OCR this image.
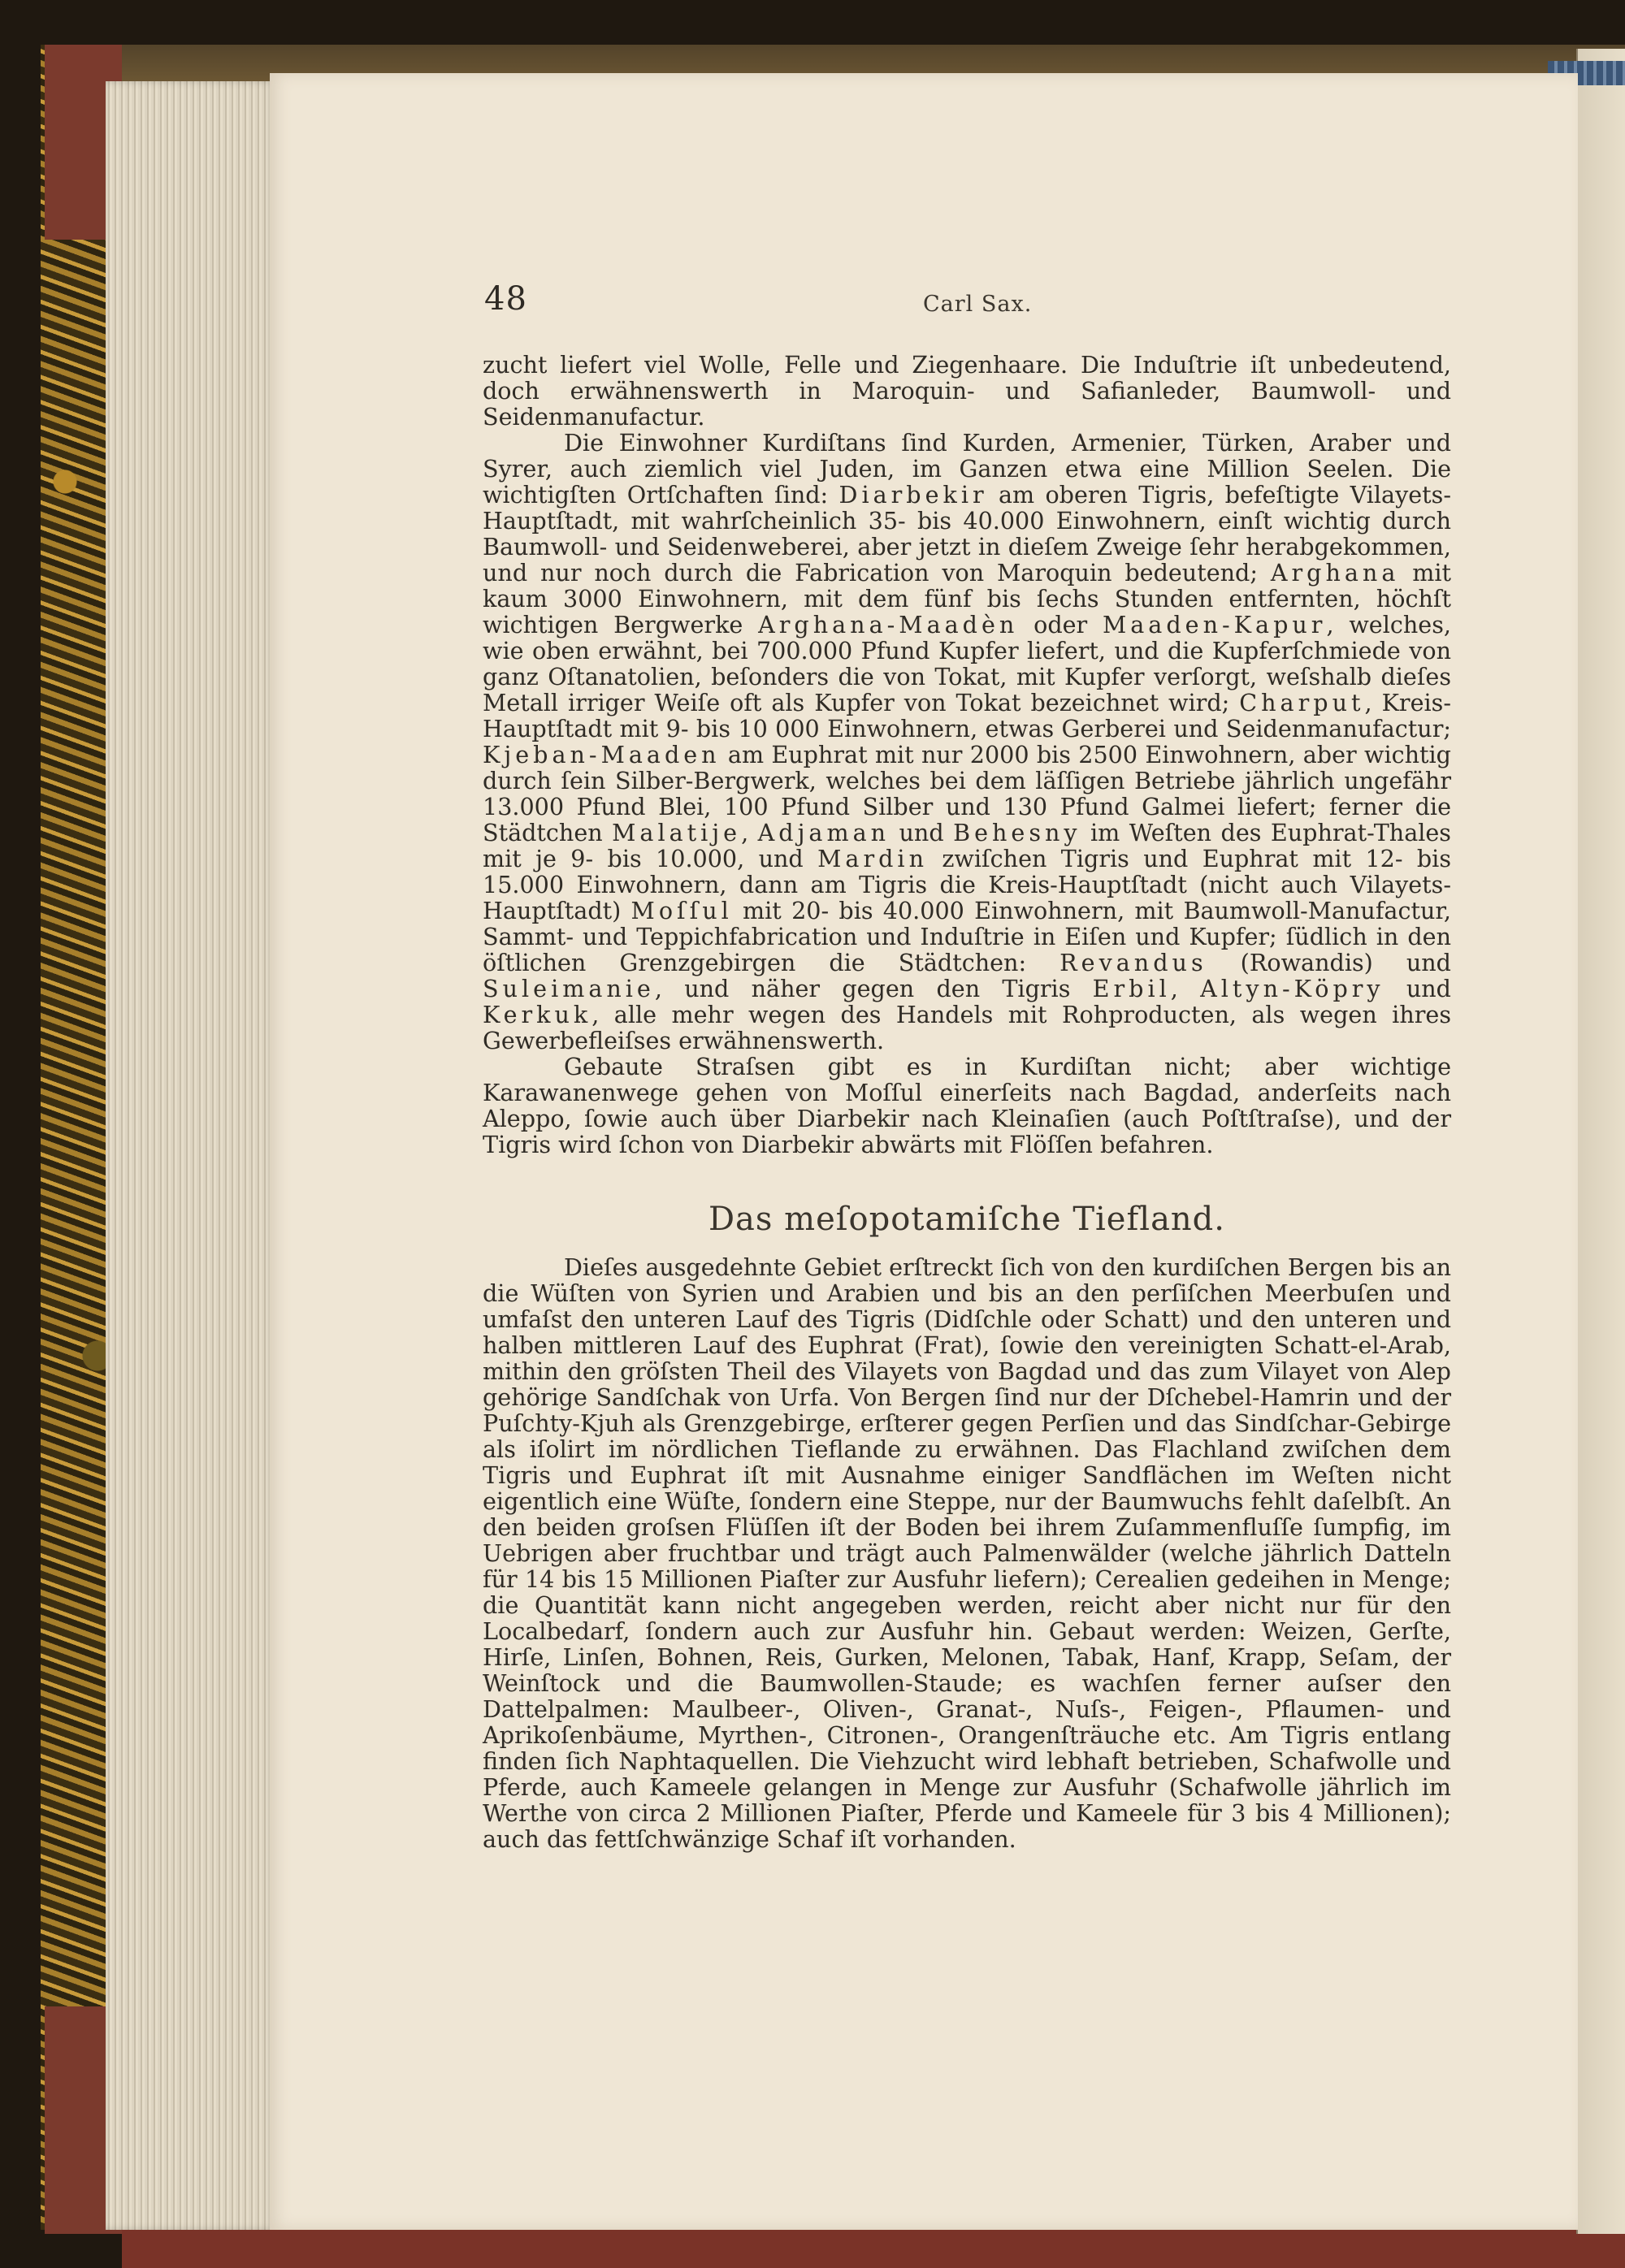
48	Carl Sax.

zucht liefert viel Wolle, Felle und Ziegenhaare. Die Induſtrie iſt unbedeutend, doch erwähnenswerth in Maroquin- und Safianleder, Baumwoll- und Seidenmanufactur.

Die Einwohner Kurdiſtans ſind Kurden, Armenier, Türken, Araber und Syrer, auch ziemlich viel Juden, im Ganzen etwa eine Million Seelen. Die wichtigſten Ortſchaften ſind: Diarbekir am oberen Tigris, befeſtigte Vilayets-Hauptſtadt, mit wahrſcheinlich 35- bis 40.000 Einwohnern, einſt wichtig durch Baumwoll- und Seidenweberei, aber jetzt in dieſem Zweige ſehr herabgekommen, und nur noch durch die Fabrication von Maroquin bedeutend; Arghana mit kaum 3000 Einwohnern, mit dem fünf bis ſechs Stunden entfernten, höchſt wichtigen Bergwerke Arghana-Maadèn oder Maaden-Kapur, welches, wie oben erwähnt, bei 700.000 Pfund Kupfer liefert, und die Kupferſchmiede von ganz Oſtanatolien, beſonders die von Tokat, mit Kupfer verſorgt, weſshalb dieſes Metall irriger Weiſe oft als Kupfer von Tokat bezeichnet wird; Charput, Kreis-Hauptſtadt mit 9- bis 10 000 Einwohnern, etwas Gerberei und Seidenmanufactur; Kjeban-Maaden am Euphrat mit nur 2000 bis 2500 Einwohnern, aber wichtig durch ſein Silber-Bergwerk, welches bei dem läſſigen Betriebe jährlich ungefähr 13.000 Pfund Blei, 100 Pfund Silber und 130 Pfund Galmei liefert; ferner die Städtchen Malatije, Adjaman und Behesny im Weſten des Euphrat-Thales mit je 9- bis 10.000, und Mardin zwiſchen Tigris und Euphrat mit 12- bis 15.000 Einwohnern, dann am Tigris die Kreis-Hauptſtadt (nicht auch Vilayets-Hauptſtadt) Moſſul mit 20- bis 40.000 Einwohnern, mit Baumwoll-Manufactur, Sammt- und Teppichfabrication und Induſtrie in Eiſen und Kupfer; ſüdlich in den öſtlichen Grenzgebirgen die Städtchen: Revandus (Rowandis) und Suleimanie, und näher gegen den Tigris Erbil, Altyn-Köpry und Kerkuk, alle mehr wegen des Handels mit Rohproducten, als wegen ihres Gewerbefleiſses erwähnenswerth.

Gebaute Straſsen gibt es in Kurdiſtan nicht; aber wichtige Karawanenwege gehen von Moſſul einerſeits nach Bagdad, anderſeits nach Aleppo, ſowie auch über Diarbekir nach Kleinaſien (auch Poſtſtraſse), und der Tigris wird ſchon von Diarbekir abwärts mit Flöſſen befahren.

Das meſopotamiſche Tiefland.

Dieſes ausgedehnte Gebiet erſtreckt ſich von den kurdiſchen Bergen bis an die Wüſten von Syrien und Arabien und bis an den perſiſchen Meerbuſen und umfaſst den unteren Lauf des Tigris (Didſchle oder Schatt) und den unteren und halben mittleren Lauf des Euphrat (Frat), ſowie den vereinigten Schatt-el-Arab, mithin den gröſsten Theil des Vilayets von Bagdad und das zum Vilayet von Alep gehörige Sandſchak von Urfa. Von Bergen ſind nur der Dſchebel-Hamrin und der Puſchty-Kjuh als Grenzgebirge, erſterer gegen Perſien und das Sindſchar-Gebirge als iſolirt im nördlichen Tieflande zu erwähnen. Das Flachland zwiſchen dem Tigris und Euphrat iſt mit Ausnahme einiger Sandflächen im Weſten nicht eigentlich eine Wüſte, ſondern eine Steppe, nur der Baumwuchs fehlt daſelbſt. An den beiden groſsen Flüſſen iſt der Boden bei ihrem Zuſammenfluſſe ſumpfig, im Uebrigen aber fruchtbar und trägt auch Palmenwälder (welche jährlich Datteln für 14 bis 15 Millionen Piaſter zur Ausfuhr liefern); Cerealien gedeihen in Menge; die Quantität kann nicht angegeben werden, reicht aber nicht nur für den Localbedarf, ſondern auch zur Ausfuhr hin. Gebaut werden: Weizen, Gerſte, Hirſe, Linſen, Bohnen, Reis, Gurken, Melonen, Tabak, Hanf, Krapp, Seſam, der Weinſtock und die Baumwollen-Staude; es wachſen ferner auſser den Dattelpalmen: Maulbeer-, Oliven-, Granat-, Nuſs-, Feigen-, Pflaumen- und Aprikoſenbäume, Myrthen-, Citronen-, Orangenſträuche etc. Am Tigris entlang finden ſich Naphtaquellen. Die Viehzucht wird lebhaft betrieben, Schafwolle und Pferde, auch Kameele gelangen in Menge zur Ausfuhr (Schafwolle jährlich im Werthe von circa 2 Millionen Piaſter, Pferde und Kameele für 3 bis 4 Millionen); auch das fettſchwänzige Schaf iſt vorhanden.
